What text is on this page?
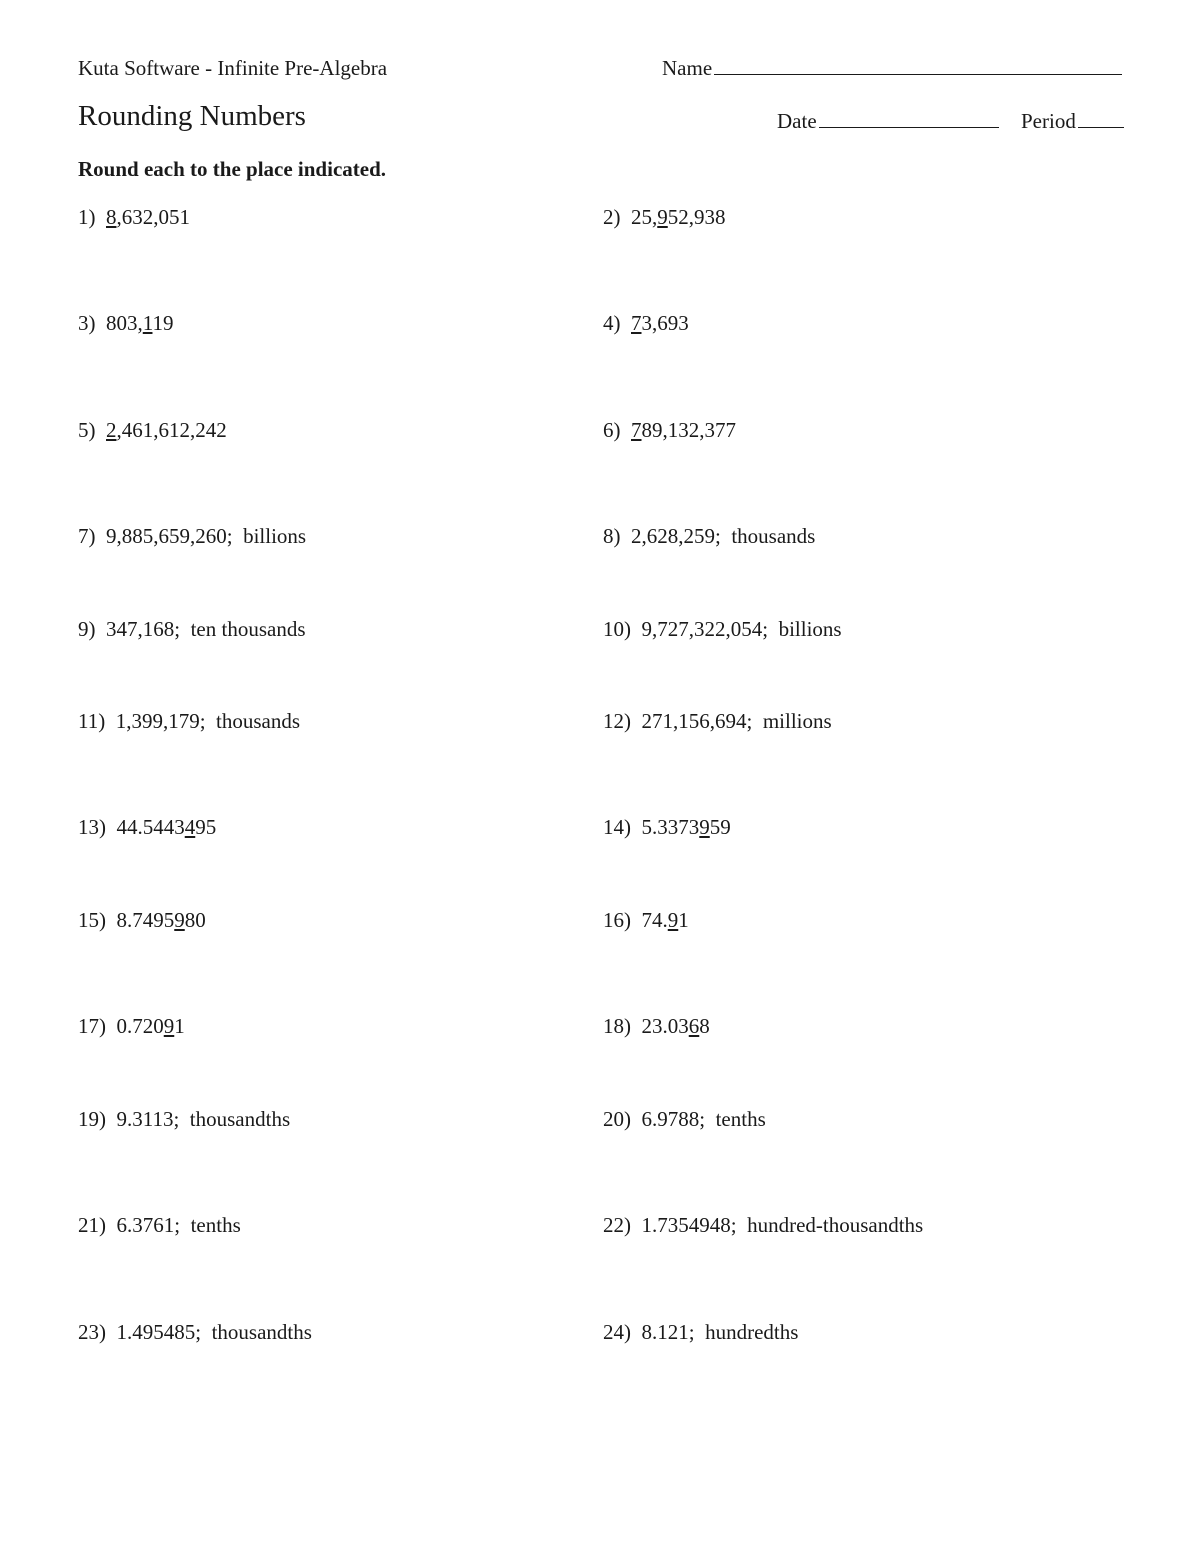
Kuta Software - Infinite Pre-Algebra	Name
Rounding Numbers	Date	Period
Round each to the place indicated.
1) 8,632,051	2) 25,952,938
3) 803,119	4) 73,693
5) 2,461,612,242	6) 789,132,377
7) 9,885,659,260;  billions	8) 2,628,259;  thousands
9) 347,168;  ten thousands	10) 9,727,322,054;  billions
11) 1,399,179;  thousands	12) 271,156,694;  millions
13) 44.5443495	14) 5.3373959
15) 8.7495980	16) 74.91
17) 0.72091	18) 23.0368
19) 9.3113;  thousandths	20) 6.9788;  tenths
21) 6.3761;  tenths	22) 1.7354948;  hundred-thousandths
23) 1.495485;  thousandths	24) 8.121;  hundredths
